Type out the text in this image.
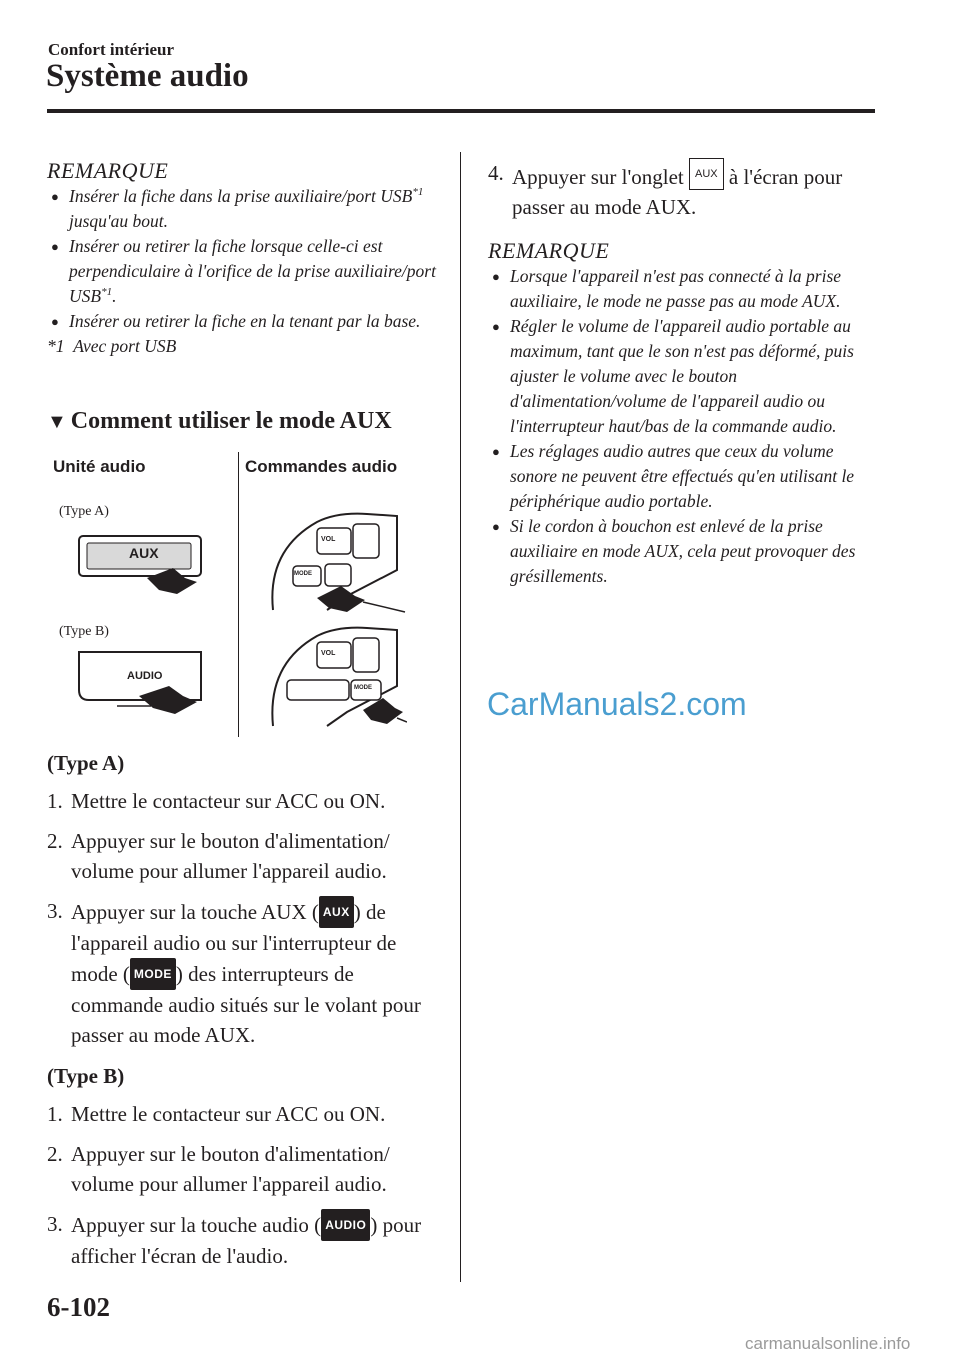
Confort intérieur
Système audio
REMARQUE
● Insérer la fiche dans la prise auxiliaire/port USB$^{*1}$ jusqu'au bout.
● Insérer ou retirer la fiche lorsque celle-ci est perpendiculaire à l'orifice de la prise auxiliaire/port USB$^{*1}$.
● Insérer ou retirer la fiche en la tenant par la base.
*1 Avec port USB
▼ Comment utiliser le mode AUX
Unité audio	Commandes audio
(Type A)
(Type B)
AUX
AUDIO
VOL
MODE
VOL
MODE
(Type A)
1. Mettre le contacteur sur ACC ou ON.
2. Appuyer sur le bouton d'alimentation/ volume pour allumer l'appareil audio.
3. Appuyer sur la touche AUX ( AUX ) de l'appareil audio ou sur l'interrupteur de mode ( MODE ) des interrupteurs de commande audio situés sur le volant pour passer au mode AUX.
(Type B)
1. Mettre le contacteur sur ACC ou ON.
2. Appuyer sur le bouton d'alimentation/ volume pour allumer l'appareil audio.
3. Appuyer sur la touche audio ( AUDIO ) pour afficher l'écran de l'audio.
4. Appuyer sur l'onglet AUX à l'écran pour passer au mode AUX.
REMARQUE
● Lorsque l'appareil n'est pas connecté à la prise auxiliaire, le mode ne passe pas au mode AUX.
● Régler le volume de l'appareil audio portable au maximum, tant que le son n'est pas déformé, puis ajuster le volume avec le bouton d'alimentation/volume de l'appareil audio ou l'interrupteur haut/bas de la commande audio.
● Les réglages audio autres que ceux du volume sonore ne peuvent être effectués qu'en utilisant le périphérique audio portable.
● Si le cordon à bouchon est enlevé de la prise auxiliaire en mode AUX, cela peut provoquer des grésillements.
CarManuals2.com
6-102
carmanualsonline.info
